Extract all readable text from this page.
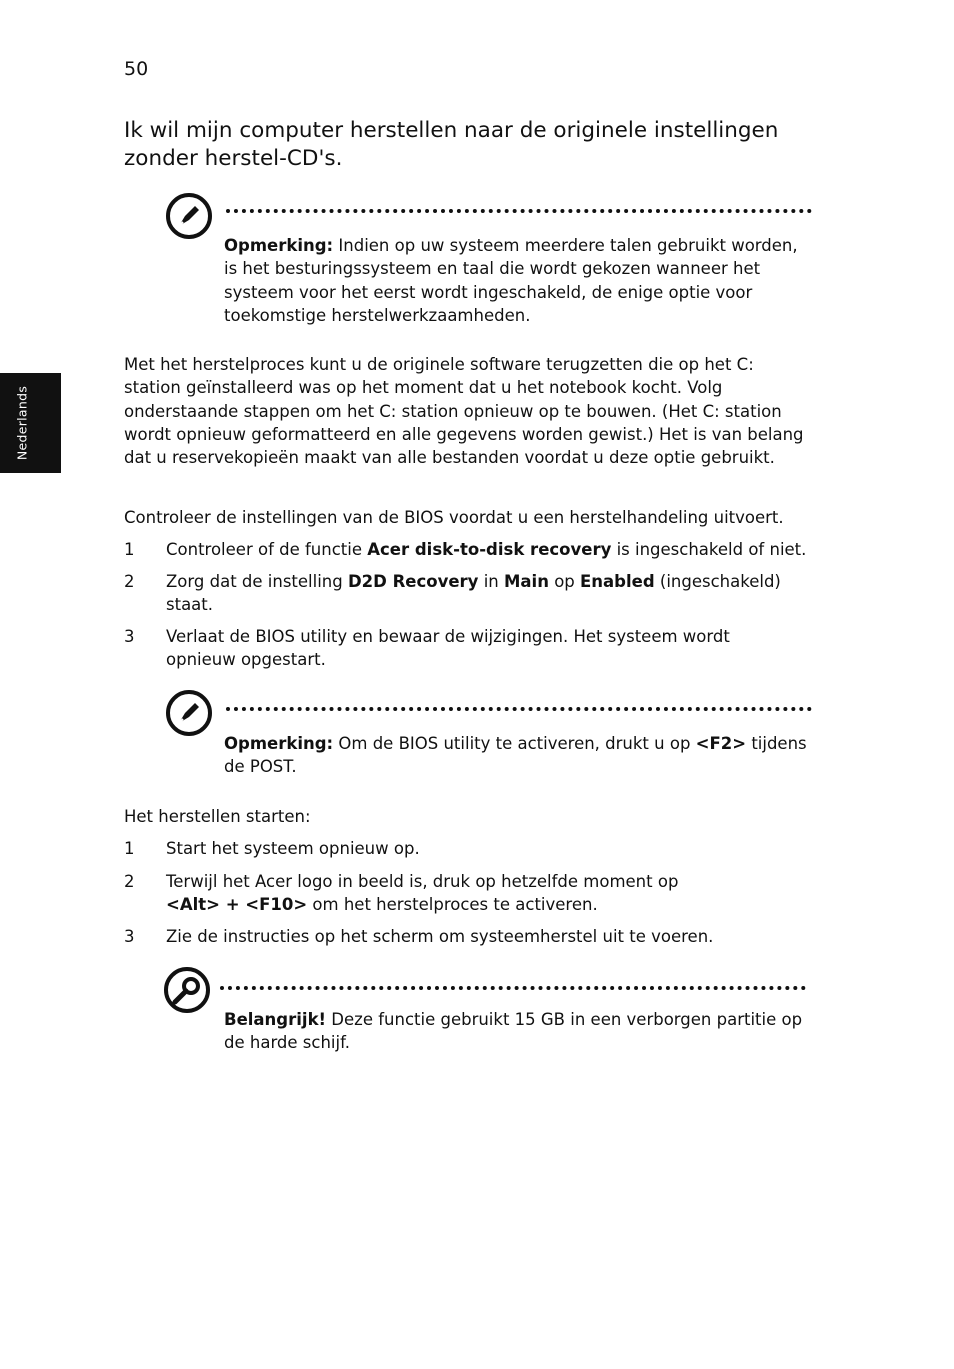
50
Ik wil mijn computer herstellen naar de originele instellingen zonder herstel-CD's.
Nederlands
Opmerking: Indien op uw systeem meerdere talen gebruikt worden, is het besturingssysteem en taal die wordt gekozen wanneer het systeem voor het eerst wordt ingeschakeld, de enige optie voor toekomstige herstelwerkzaamheden.
Met het herstelproces kunt u de originele software terugzetten die op het C: station geïnstalleerd was op het moment dat u het notebook kocht. Volg onderstaande stappen om het C: station opnieuw op te bouwen. (Het C: station wordt opnieuw geformatteerd en alle gegevens worden gewist.) Het is van belang dat u reservekopieën maakt van alle bestanden voordat u deze optie gebruikt.
Controleer de instellingen van de BIOS voordat u een herstelhandeling uitvoert.
1 Controleer of de functie Acer disk-to-disk recovery is ingeschakeld of niet.
2 Zorg dat de instelling D2D Recovery in Main op Enabled (ingeschakeld) staat.
3 Verlaat de BIOS utility en bewaar de wijzigingen. Het systeem wordt opnieuw opgestart.
Opmerking: Om de BIOS utility te activeren, drukt u op <F2> tijdens de POST.
Het herstellen starten:
1 Start het systeem opnieuw op.
2 Terwijl het Acer logo in beeld is, druk op hetzelfde moment op <Alt> + <F10> om het herstelproces te activeren.
3 Zie de instructies op het scherm om systeemherstel uit te voeren.
Belangrijk! Deze functie gebruikt 15 GB in een verborgen partitie op de harde schijf.
